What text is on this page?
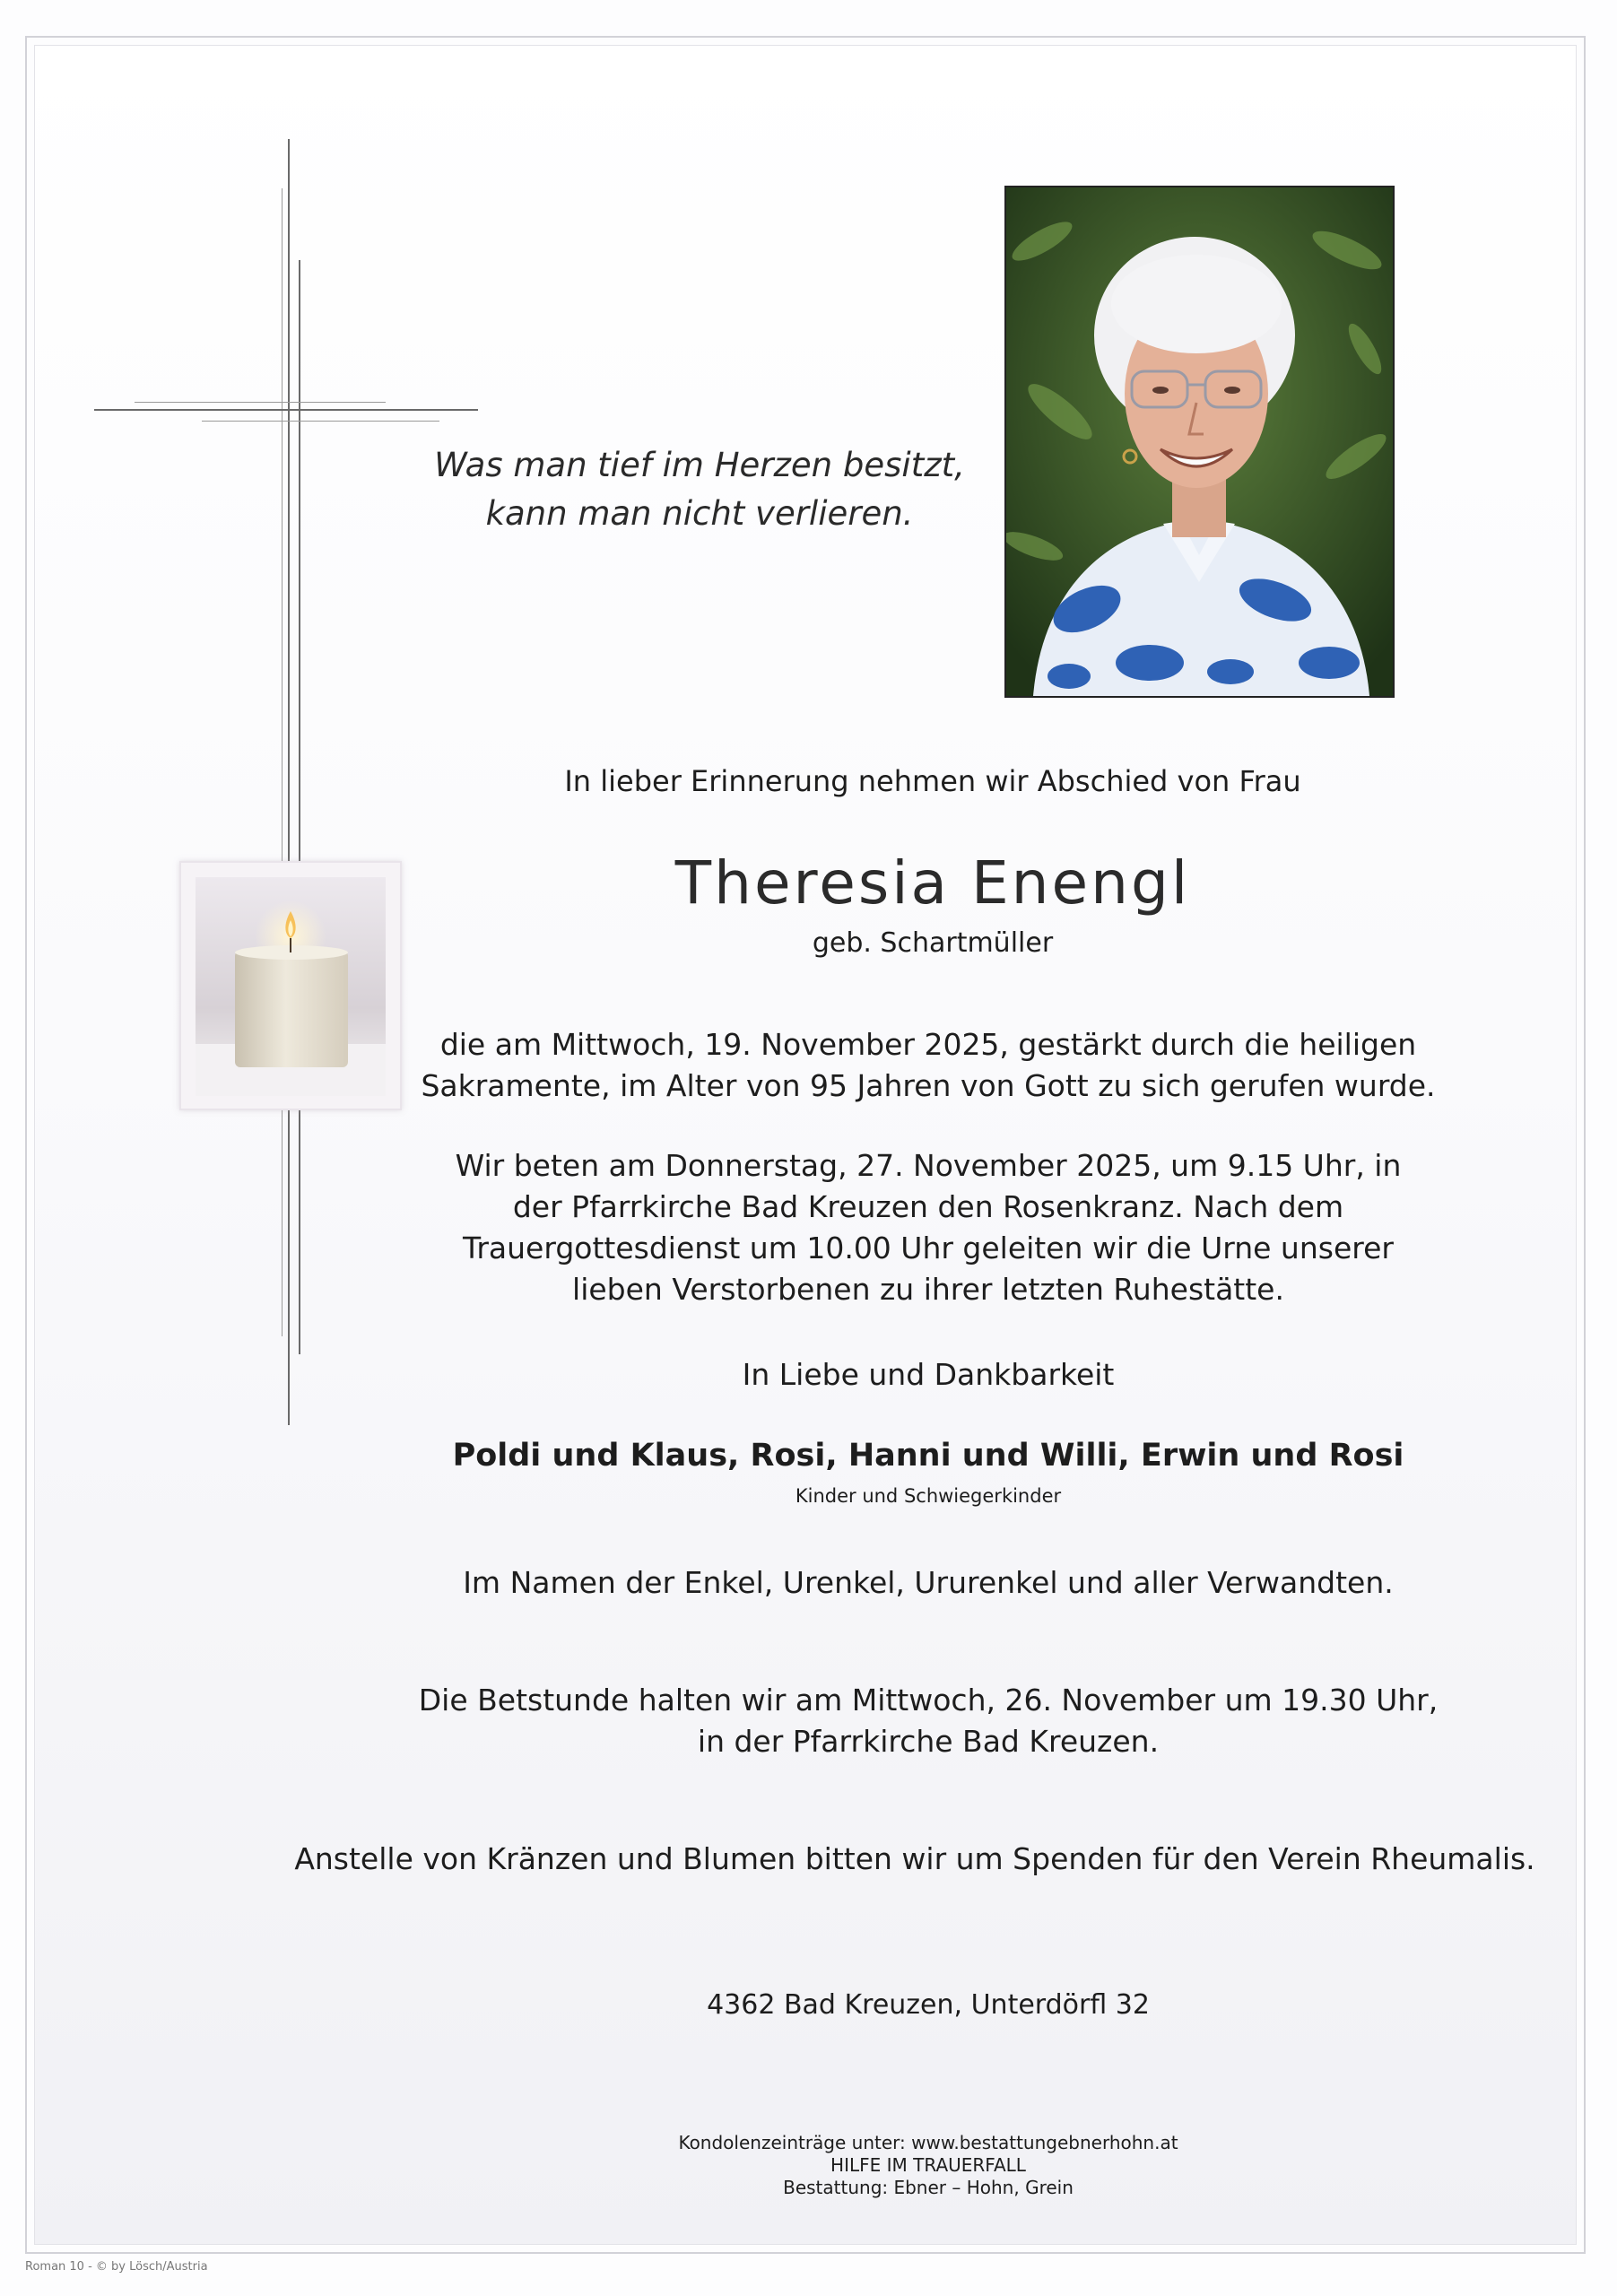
Was man tief im Herzen besitzt,
kann man nicht verlieren.
In lieber Erinnerung nehmen wir Abschied von Frau
Theresia Enengl
geb. Schartmüller
die am Mittwoch, 19. November 2025, gestärkt durch die heiligen
Sakramente, im Alter von 95 Jahren von Gott zu sich gerufen wurde.
Wir beten am Donnerstag, 27. November 2025, um 9.15 Uhr, in
der Pfarrkirche Bad Kreuzen den Rosenkranz. Nach dem
Trauergottesdienst um 10.00 Uhr geleiten wir die Urne unserer
lieben Verstorbenen zu ihrer letzten Ruhestätte.
In Liebe und Dankbarkeit
Poldi und Klaus, Rosi, Hanni und Willi, Erwin und Rosi
Kinder und Schwiegerkinder
Im Namen der Enkel, Urenkel, Ururenkel und aller Verwandten.
Die Betstunde halten wir am Mittwoch, 26. November um 19.30 Uhr,
in der Pfarrkirche Bad Kreuzen.
Anstelle von Kränzen und Blumen bitten wir um Spenden für den Verein Rheumalis.
4362 Bad Kreuzen, Unterdörfl 32
Kondolenzeinträge unter: www.bestattungebnerhohn.at
HILFE IM TRAUERFALL
Bestattung: Ebner – Hohn, Grein
Roman 10 - © by Lösch/Austria
